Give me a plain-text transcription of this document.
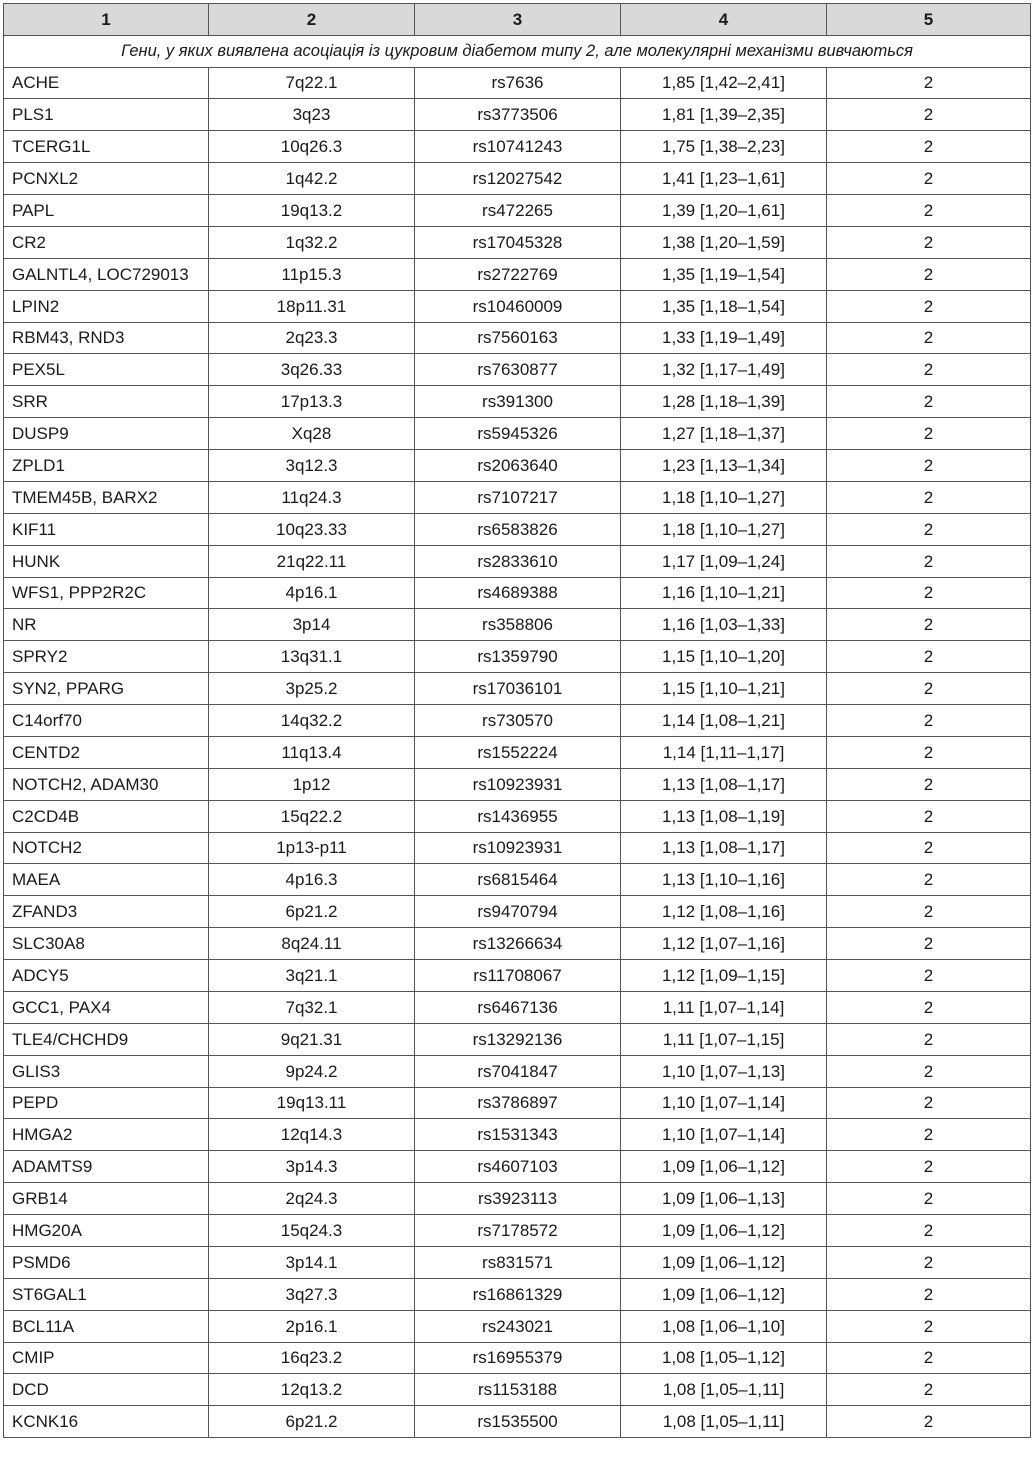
1	2	3	4	5
Гени, у яких виявлена асоціація із цукровим діабетом типу 2, але молекулярні механізми вивчаються				
ACHE	7q22.1	rs7636	1,85 [1,42–2,41]	2
PLS1	3q23	rs3773506	1,81 [1,39–2,35]	2
TCERG1L	10q26.3	rs10741243	1,75 [1,38–2,23]	2
PCNXL2	1q42.2	rs12027542	1,41 [1,23–1,61]	2
PAPL	19q13.2	rs472265	1,39 [1,20–1,61]	2
CR2	1q32.2	rs17045328	1,38 [1,20–1,59]	2
GALNTL4, LOC729013	11p15.3	rs2722769	1,35 [1,19–1,54]	2
LPIN2	18p11.31	rs10460009	1,35 [1,18–1,54]	2
RBM43, RND3	2q23.3	rs7560163	1,33 [1,19–1,49]	2
PEX5L	3q26.33	rs7630877	1,32 [1,17–1,49]	2
SRR	17p13.3	rs391300	1,28 [1,18–1,39]	2
DUSP9	Xq28	rs5945326	1,27 [1,18–1,37]	2
ZPLD1	3q12.3	rs2063640	1,23 [1,13–1,34]	2
TMEM45B, BARX2	11q24.3	rs7107217	1,18 [1,10–1,27]	2
KIF11	10q23.33	rs6583826	1,18 [1,10–1,27]	2
HUNK	21q22.11	rs2833610	1,17 [1,09–1,24]	2
WFS1, PPP2R2C	4p16.1	rs4689388	1,16 [1,10–1,21]	2
NR	3p14	rs358806	1,16 [1,03–1,33]	2
SPRY2	13q31.1	rs1359790	1,15 [1,10–1,20]	2
SYN2, PPARG	3p25.2	rs17036101	1,15 [1,10–1,21]	2
C14orf70	14q32.2	rs730570	1,14 [1,08–1,21]	2
CENTD2	11q13.4	rs1552224	1,14 [1,11–1,17]	2
NOTCH2, ADAM30	1p12	rs10923931	1,13 [1,08–1,17]	2
C2CD4B	15q22.2	rs1436955	1,13 [1,08–1,19]	2
NOTCH2	1p13-p11	rs10923931	1,13 [1,08–1,17]	2
MAEA	4p16.3	rs6815464	1,13 [1,10–1,16]	2
ZFAND3	6p21.2	rs9470794	1,12 [1,08–1,16]	2
SLC30A8	8q24.11	rs13266634	1,12 [1,07–1,16]	2
ADCY5	3q21.1	rs11708067	1,12 [1,09–1,15]	2
GCC1, PAX4	7q32.1	rs6467136	1,11 [1,07–1,14]	2
TLE4/CHCHD9	9q21.31	rs13292136	1,11 [1,07–1,15]	2
GLIS3	9p24.2	rs7041847	1,10 [1,07–1,13]	2
PEPD	19q13.11	rs3786897	1,10 [1,07–1,14]	2
HMGA2	12q14.3	rs1531343	1,10 [1,07–1,14]	2
ADAMTS9	3p14.3	rs4607103	1,09 [1,06–1,12]	2
GRB14	2q24.3	rs3923113	1,09 [1,06–1,13]	2
HMG20A	15q24.3	rs7178572	1,09 [1,06–1,12]	2
PSMD6	3p14.1	rs831571	1,09 [1,06–1,12]	2
ST6GAL1	3q27.3	rs16861329	1,09 [1,06–1,12]	2
BCL11A	2p16.1	rs243021	1,08 [1,06–1,10]	2
CMIP	16q23.2	rs16955379	1,08 [1,05–1,12]	2
DCD	12q13.2	rs1153188	1,08 [1,05–1,11]	2
KCNK16	6p21.2	rs1535500	1,08 [1,05–1,11]	2
